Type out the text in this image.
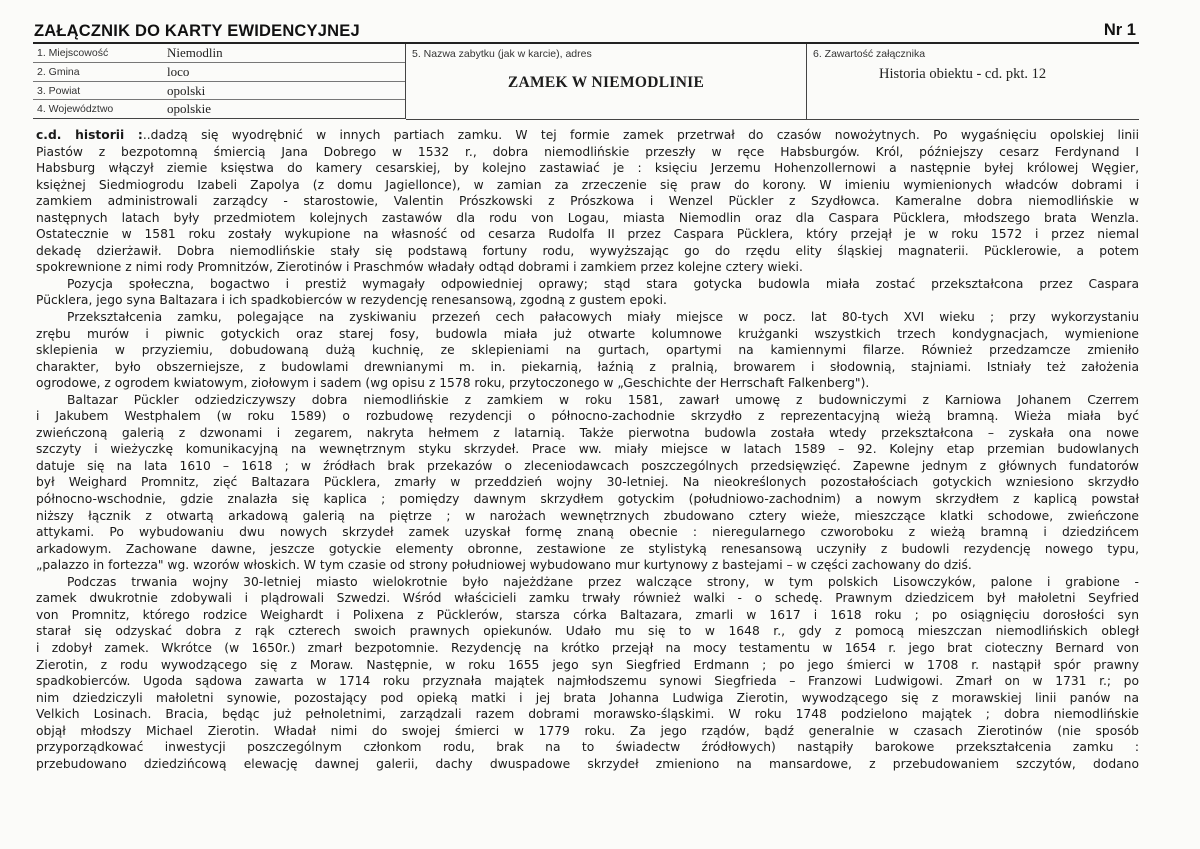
ZAŁĄCZNIK DO KARTY EWIDENCYJNEJ	Nr 1
1. Miejscowość	Niemodlin
2. Gmina	loco
3. Powiat	opolski
4. Województwo	opolskie
5. Nazwa zabytku (jak w karcie), adres
ZAMEK W NIEMODLINIE
6. Zawartość załącznika
Historia obiektu - cd. pkt. 12

c.d. historii :..dadzą się wyodrębnić w innych partiach zamku. W tej formie zamek przetrwał do czasów nowożytnych. Po wygaśnięciu opolskiej linii

Piastów z bezpotomną śmiercią Jana Dobrego w 1532 r., dobra niemodlińskie przeszły w ręce Habsburgów. Król, późniejszy cesarz Ferdynand I

Habsburg włączył ziemie księstwa do kamery cesarskiej, by kolejno zastawiać je : księciu Jerzemu Hohenzollernowi a następnie byłej królowej Węgier,

księżnej Siedmiogrodu Izabeli Zapolya (z domu Jagiellonce), w zamian za zrzeczenie się praw do korony. W imieniu wymienionych władców dobrami i

zamkiem administrowali zarządcy - starostowie, Valentin Prószkowski z Prószkowa i Wenzel Pückler z Szydłowca. Kameralne dobra niemodlińskie w

następnych latach były przedmiotem kolejnych zastawów dla rodu von Logau, miasta Niemodlin oraz dla Caspara Pücklera, młodszego brata Wenzla.

Ostatecznie w 1581 roku zostały wykupione na własność od cesarza Rudolfa II przez Caspara Pücklera, który przejął je w roku 1572 i przez niemal

dekadę dzierżawił. Dobra niemodlińskie stały się podstawą fortuny rodu, wywyższając go do rzędu elity śląskiej magnaterii. Pücklerowie, a potem

spokrewnione z nimi rody Promnitzów, Zierotinów i Praschmów władały odtąd dobrami i zamkiem przez kolejne cztery wieki.

Pozycja społeczna, bogactwo i prestiż wymagały odpowiedniej oprawy; stąd stara gotycka budowla miała zostać przekształcona przez Caspara

Pücklera, jego syna Baltazara i ich spadkobierców w rezydencję renesansową, zgodną z gustem epoki.

Przekształcenia zamku, polegające na zyskiwaniu przezeń cech pałacowych miały miejsce w pocz. lat 80-tych XVI wieku ; przy wykorzystaniu

zrębu murów i piwnic gotyckich oraz starej fosy, budowla miała już otwarte kolumnowe krużganki wszystkich trzech kondygnacjach, wymienione

sklepienia w przyziemiu, dobudowaną dużą kuchnię, ze sklepieniami na gurtach, opartymi na kamiennymi filarze. Również przedzamcze zmieniło

charakter, było obszerniejsze, z budowlami drewnianymi m. in. piekarnią, łaźnią z pralnią, browarem i słodownią, stajniami. Istniały też założenia

ogrodowe, z ogrodem kwiatowym, ziołowym i sadem (wg opisu z 1578 roku, przytoczonego w „Geschichte der Herrschaft Falkenberg").

Baltazar Pückler odziedziczywszy dobra niemodlińskie z zamkiem w roku 1581, zawarł umowę z budowniczymi z Karniowa Johanem Czerrem

i Jakubem Westphalem (w roku 1589) o rozbudowę rezydencji o północno-zachodnie skrzydło z reprezentacyjną wieżą bramną. Wieża miała być

zwieńczoną galerią z dzwonami i zegarem, nakryta hełmem z latarnią. Także pierwotna budowla została wtedy przekształcona – zyskała ona nowe

szczyty i wieżyczkę komunikacyjną na wewnętrznym styku skrzydeł. Prace ww. miały miejsce w latach 1589 – 92. Kolejny etap przemian budowlanych

datuje się na lata 1610 – 1618 ; w źródłach brak przekazów o zleceniodawcach poszczególnych przedsięwzięć. Zapewne jednym z głównych fundatorów

był Weighard Promnitz, zięć Baltazara Pücklera, zmarły w przeddzień wojny 30-letniej. Na nieokreślonych pozostałościach gotyckich wzniesiono skrzydło

północno-wschodnie, gdzie znalazła się kaplica ; pomiędzy dawnym skrzydłem gotyckim (południowo-zachodnim) a nowym skrzydłem z kaplicą powstał

niższy łącznik z otwartą arkadową galerią na piętrze ; w narożach wewnętrznych zbudowano cztery wieże, mieszczące klatki schodowe, zwieńczone

attykami. Po wybudowaniu dwu nowych skrzydeł zamek uzyskał formę znaną obecnie : nieregularnego czworoboku z wieżą bramną i dziedzińcem

arkadowym. Zachowane dawne, jeszcze gotyckie elementy obronne, zestawione ze stylistyką renesansową uczyniły z budowli rezydencję nowego typu,

„palazzo in fortezza" wg. wzorów włoskich. W tym czasie od strony południowej wybudowano mur kurtynowy z bastejami – w części zachowany do dziś.

Podczas trwania wojny 30-letniej miasto wielokrotnie było najeżdżane przez walczące strony, w tym polskich Lisowczyków, palone i grabione -

zamek dwukrotnie zdobywali i plądrowali Szwedzi. Wśród właścicieli zamku trwały również walki - o schedę. Prawnym dziedzicem był małoletni Seyfried

von Promnitz, którego rodzice Weighardt i Polixena z Pücklerów, starsza córka Baltazara, zmarli w 1617 i 1618 roku ; po osiągnięciu dorosłości syn

starał się odzyskać dobra z rąk czterech swoich prawnych opiekunów. Udało mu się to w 1648 r., gdy z pomocą mieszczan niemodlińskich obległ

i zdobył zamek. Wkrótce (w 1650r.) zmarł bezpotomnie. Rezydencję na krótko przejął na mocy testamentu w 1654 r. jego brat cioteczny Bernard von

Zierotin, z rodu wywodzącego się z Moraw. Następnie, w roku 1655 jego syn Siegfried Erdmann ; po jego śmierci w 1708 r. nastąpił spór prawny

spadkobierców. Ugoda sądowa zawarta w 1714 roku przyznała majątek najmłodszemu synowi Siegfrieda – Franzowi Ludwigowi. Zmarł on w 1731 r.; po

nim dziedziczyli małoletni synowie, pozostający pod opieką matki i jej brata Johanna Ludwiga Zierotin, wywodzącego się z morawskiej linii panów na

Velkich Losinach. Bracia, będąc już pełnoletnimi, zarządzali razem dobrami morawsko-śląskimi. W roku 1748 podzielono majątek ; dobra niemodlińskie

objął młodszy Michael Zierotin. Władał nimi do swojej śmierci w 1779 roku. Za jego rządów, bądź generalnie w czasach Zierotinów (nie sposób

przyporządkować inwestycji poszczególnym członkom rodu, brak na to świadectw źródłowych) nastąpiły barokowe przekształcenia zamku :

przebudowano dziedzińcową elewację dawnej galerii, dachy dwuspadowe skrzydeł zmieniono na mansardowe, z przebudowaniem szczytów, dodano
